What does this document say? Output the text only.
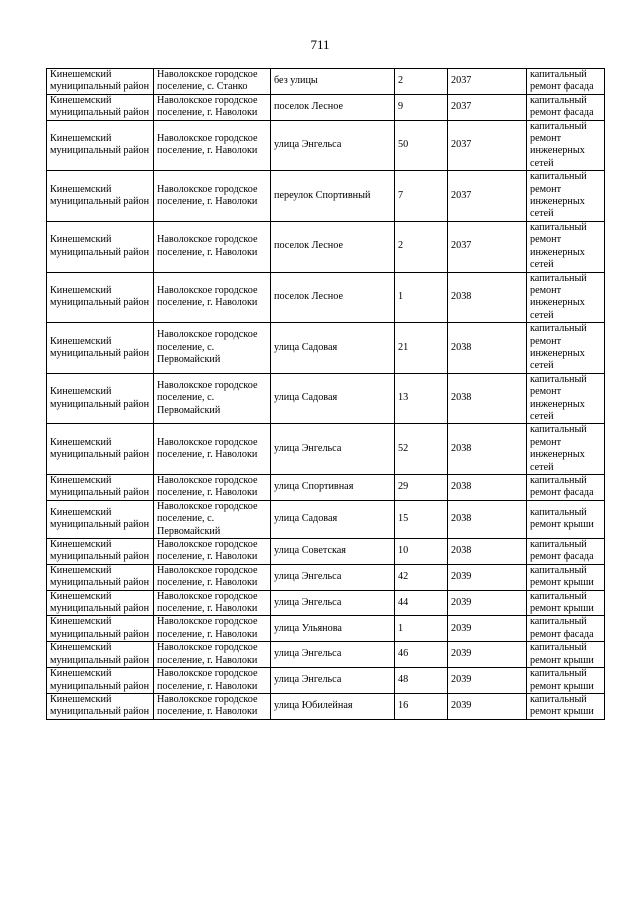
711
Кинешемский муниципальный район	Наволокское городское поселение, с. Станко	без улицы	2	2037	капитальный ремонт фасада
Кинешемский муниципальный район	Наволокское городское поселение, г. Наволоки	поселок Лесное	9	2037	капитальный ремонт фасада
Кинешемский муниципальный район	Наволокское городское поселение, г. Наволоки	улица Энгельса	50	2037	капитальный ремонт инженерных сетей
Кинешемский муниципальный район	Наволокское городское поселение, г. Наволоки	переулок Спортивный	7	2037	капитальный ремонт инженерных сетей
Кинешемский муниципальный район	Наволокское городское поселение, г. Наволоки	поселок Лесное	2	2037	капитальный ремонт инженерных сетей
Кинешемский муниципальный район	Наволокское городское поселение, г. Наволоки	поселок Лесное	1	2038	капитальный ремонт инженерных сетей
Кинешемский муниципальный район	Наволокское городское поселение, с. Первомайский	улица Садовая	21	2038	капитальный ремонт инженерных сетей
Кинешемский муниципальный район	Наволокское городское поселение, с. Первомайский	улица Садовая	13	2038	капитальный ремонт инженерных сетей
Кинешемский муниципальный район	Наволокское городское поселение, г. Наволоки	улица Энгельса	52	2038	капитальный ремонт инженерных сетей
Кинешемский муниципальный район	Наволокское городское поселение, г. Наволоки	улица Спортивная	29	2038	капитальный ремонт фасада
Кинешемский муниципальный район	Наволокское городское поселение, с. Первомайский	улица Садовая	15	2038	капитальный ремонт крыши
Кинешемский муниципальный район	Наволокское городское поселение, г. Наволоки	улица Советская	10	2038	капитальный ремонт фасада
Кинешемский муниципальный район	Наволокское городское поселение, г. Наволоки	улица Энгельса	42	2039	капитальный ремонт крыши
Кинешемский муниципальный район	Наволокское городское поселение, г. Наволоки	улица Энгельса	44	2039	капитальный ремонт крыши
Кинешемский муниципальный район	Наволокское городское поселение, г. Наволоки	улица Ульянова	1	2039	капитальный ремонт фасада
Кинешемский муниципальный район	Наволокское городское поселение, г. Наволоки	улица Энгельса	46	2039	капитальный ремонт крыши
Кинешемский муниципальный район	Наволокское городское поселение, г. Наволоки	улица Энгельса	48	2039	капитальный ремонт крыши
Кинешемский муниципальный район	Наволокское городское поселение, г. Наволоки	улица Юбилейная	16	2039	капитальный ремонт крыши
